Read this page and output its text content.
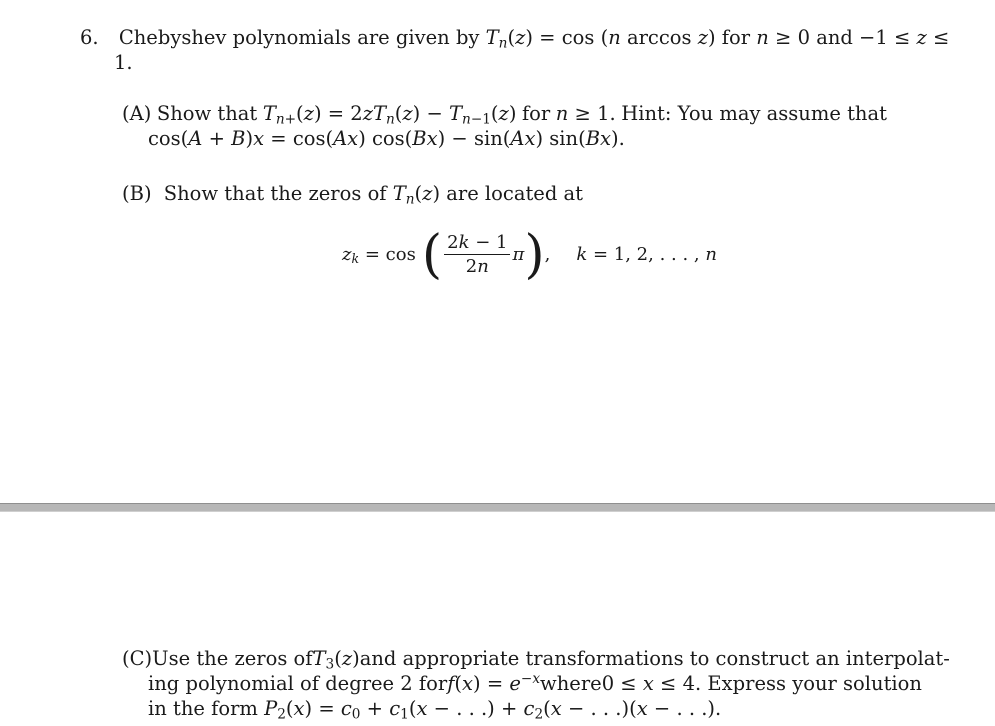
6. Chebyshev polynomials are given by $T_n(z) = \cos (n$ arccos z) for n ≥ 0 and −1 ≤ z ≤
1.
(A) Show that $T_{n+}(z) = 2zT_n(z) - T_{n-1}(z)$ for n ≥ 1. Hint: You may assume that
cos(A + B)x = cos(Ax) cos(Bx) − sin(Ax) sin(Bx).
(B) Show that the zeros of $T_n(z)$ are located at
$z_k = \cos$ ( $\frac{2k - 1}{2n}$ π ) , k = 1, 2, . . . , n
(C) Use the zeros of $T_3(z)$ and appropriate transformations to construct an interpolat-
ing polynomial of degree 2 for $f(x) = e^{-x}$ where 0 ≤ x ≤ 4. Express your solution
in the form $P_2(x) = c_0 + c_1(x$ − . . .) + $c_2(x$ − . . .)(x − . . .).
